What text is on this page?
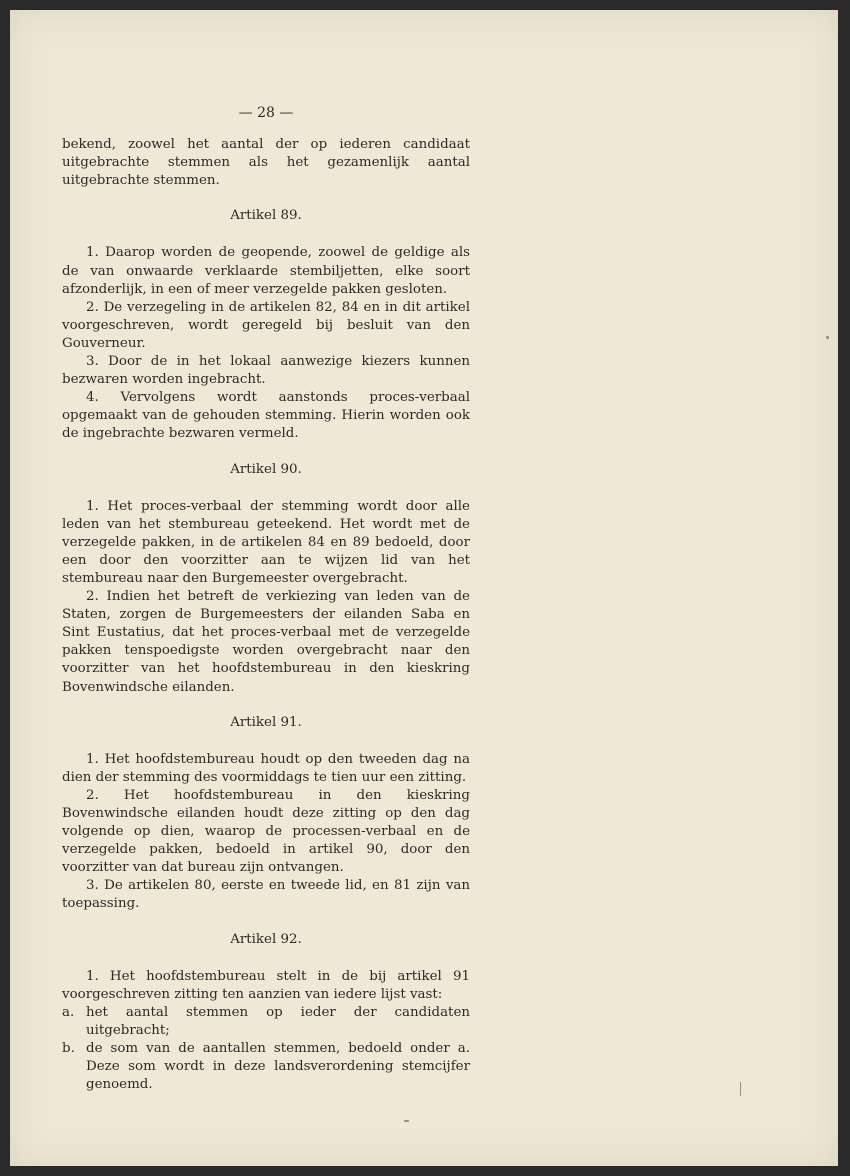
— 28 —

bekend, zoowel het aantal der op iederen candidaat uitgebrachte stemmen als het gezamenlijk aantal uitgebrachte stemmen.

Artikel 89.

1. Daarop worden de geopende, zoowel de geldige als de van onwaarde verklaarde stembiljetten, elke soort afzonderlijk, in een of meer verzegelde pakken gesloten.

2. De verzegeling in de artikelen 82, 84 en in dit artikel voorgeschreven, wordt geregeld bij besluit van den Gouverneur.

3. Door de in het lokaal aanwezige kiezers kunnen bezwaren worden ingebracht.

4. Vervolgens wordt aanstonds proces-verbaal opgemaakt van de gehouden stemming. Hierin worden ook de ingebrachte bezwaren vermeld.

Artikel 90.

1. Het proces-verbaal der stemming wordt door alle leden van het stembureau geteekend. Het wordt met de verzegelde pakken, in de artikelen 84 en 89 bedoeld, door een door den voorzitter aan te wijzen lid van het stembureau naar den Burgemeester overgebracht.

2. Indien het betreft de verkiezing van leden van de Staten, zorgen de Burgemeesters der eilanden Saba en Sint Eustatius, dat het proces-verbaal met de verzegelde pakken tenspoedigste worden overgebracht naar den voorzitter van het hoofdstembureau in den kieskring Bovenwindsche eilanden.

Artikel 91.

1. Het hoofdstembureau houdt op den tweeden dag na dien der stemming des voormiddags te tien uur een zitting.

2. Het hoofdstembureau in den kieskring Bovenwindsche eilanden houdt deze zitting op den dag volgende op dien, waarop de processen-verbaal en de verzegelde pakken, bedoeld in artikel 90, door den voorzitter van dat bureau zijn ontvangen.

3. De artikelen 80, eerste en tweede lid, en 81 zijn van toepassing.

Artikel 92.

1. Het hoofdstembureau stelt in de bij artikel 91 voorgeschreven zitting ten aanzien van iedere lijst vast:

a. het aantal stemmen op ieder der candidaten uitgebracht;
b. de som van de aantallen stemmen, bedoeld onder a. Deze som wordt in deze landsverordening stemcijfer genoemd.
